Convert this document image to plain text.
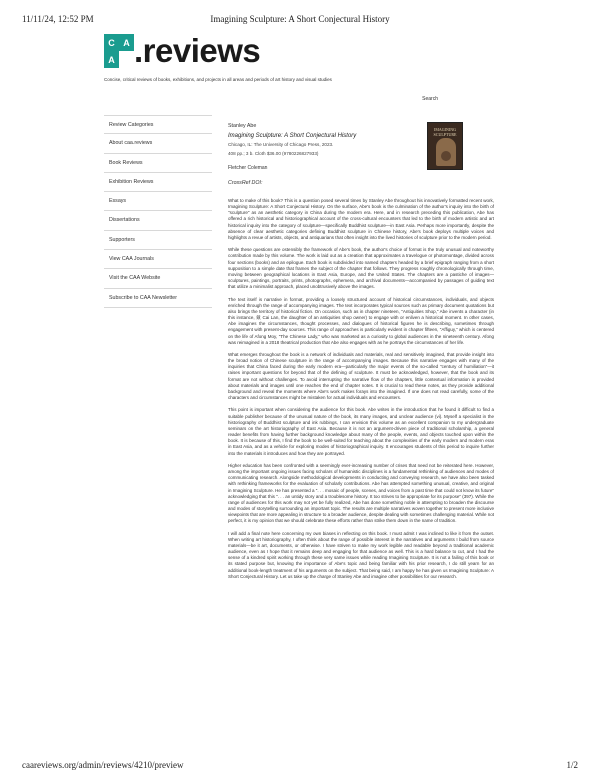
11/11/24, 12:52 PM	Imagining Sculpture: A Short Conjectural History
C A
A .reviews
Concise, critical reviews of books, exhibitions, and projects in all areas and periods of art history and visual studies
Search
Review Categories
About caa.reviews
Book Reviews
Exhibition Reviews
Essays
Dissertations
Supporters
View CAA Journals
Visit the CAA Website
Subscribe to CAA Newsletter
IMAGINING SCULPTURE
Stanley Abe
Imagining Sculpture: A Short Conjectural History
Chicago, IL: The University of Chicago Press, 2023.
408 pp.; 3 b. Cloth $36.00 (9780226827933)
Fletcher Coleman
CrossRef DOI:

What to make of this book? This is a question posed several times by Stanley Abe throughout his innovatively formatted recent work, Imagining Sculpture: A Short Conjectural History. On the surface, Abe's book is the culmination of the author's inquiry into the birth of "sculpture" as an aesthetic category in China during the modern era. Here, and in research preceding this publication, Abe has offered a rich historical and historiographical account of the cross-cultural encounters that led to the birth of modern artistic and art historical inquiry into the category of sculpture—specifically Buddhist sculpture—in East Asia. Perhaps more importantly, despite the absence of clear aesthetic categories defining Buddhist sculpture in Chinese history, Abe's book deploys multiple voices and highlights a revue of artists, objects, and antiquarians that often insight into the lived histories of sculpture prior to the modern period.

While these questions are ostensibly the framework of Abe's book, the author's choice of format is the truly unusual and noteworthy contribution made by this volume. The work is laid out as a creation that approximates a travelogue or photomontage, divided across four sections (books) and an epilogue. Each book is subdivided into named chapters headed by a brief epigraph ranging from a short supposition to a simple date that frames the subject of the chapter that follows. They progress roughly chronologically through time, moving between geographical locations in East Asia, Europe, and the United States. The chapters are a pastiche of images—sculptures, paintings, portraits, prints, photographs, ephemera, and archival documents—accompanied by passages of guiding text that utilize a minimalist approach, placed unobtrusively above the images.

The text itself is narrative in format, providing a loosely structured account of historical circumstances, individuals, and objects enriched through the range of accompanying images. The text incorporates typical sources such as primary document quotations but also brings the territory of historical fiction. On occasion, such as in chapter nineteen, "Antiquities Shop," Abe invents a character (in this instance, 戴 Cai Lan, the daughter of an antiquities shop owner) to engage with or enliven a historical moment. In other cases, Abe imagines the circumstances, thought processes, and dialogues of historical figures he is describing, sometimes through engagement with present-day sources. This range of approaches is particularly evident in chapter fifteen, "Affiguy," which is centered on the life of Afong Moy, "The Chinese Lady," who was marketed as a curiosity to global audiences in the nineteenth century. Afong was reimagined in a 2018 theatrical production that Abe also engages with as he portrays the circumstances of her life.

What emerges throughout the book is a network of individuals and materials, real and sensitively imagined, that provide insight into the broad notion of Chinese sculpture in the range of accompanying images. Because this narrative engages with many of the inquiries that China faced during the early modern era—particularly the major events of the so-called "century of humiliation"—it raises important questions for beyond that of the defining of sculpture. It must be acknowledged, however, that the book and its format are not without challenges. To avoid interrupting the narrative flow of the chapters, little contextual information is provided about materials and images until one reaches the end of chapter notes. It is crucial to read these notes, as they provide additional background and reveal the moments where Abe's work makes forays into the imagined. If one does not read carefully, some of the characters and circumstances might be mistaken for actual individuals and encounters.

This point is important when considering the audience for this book. Abe writes in the introduction that he found it difficult to find a suitable publisher because of the unusual nature of the book, its many images, and unclear audience (vi). Myself a specialist in the historiography of Buddhist sculpture and ink rubbings, I can envision this volume as an excellent companion to my undergraduate seminars on the art historiography of East Asia. Because it is not an argument-driven piece of traditional scholarship, a general reader benefits from having further background knowledge about many of the people, events, and objects touched upon within the book. It is because of this, I find the book to be well-suited for teaching about the complexities of the early modern and modern eras in East Asia, and as a vehicle for exploring modes of historiographical inquiry. It encourages students of this period to inquire further into the materials it introduces and how they are portrayed.

Higher education has been confronted with a seemingly ever-increasing number of crises that need not be reiterated here. However, among the important ongoing issues facing scholars of humanistic disciplines is a fundamental rethinking of audiences and modes of communicating research. Alongside methodological developments in conducting and conveying research, we have also been tasked with rethinking frameworks for the evaluation of scholarly contributions. Abe has attempted something unusual, creative, and original in Imagining Sculpture. He has presented a ". . . mosaic of people, scenes, and voices from a past time that could not know its future" acknowledging that this ". . . an untidy story and a troublesome history. It too strives to be appropriate for its purpose" (397). While the range of audiences for this work may not yet be fully realized, Abe has done something noble in attempting to broaden the discourse and modes of storytelling surrounding an important topic. The results are multiple narratives woven together to present more inclusive viewpoints that are more appealing in structure to a broader audience, despite dealing with sometimes challenging material. While not perfect, it is my opinion that we should celebrate these efforts rather than strike them down in the name of tradition.

I will add a final note here concerning my own biases in reflecting on this book. I must admit I was inclined to like it from the outset. When writing art historiography, I often think about the range of possible interest in the narratives and arguments I build from source materials—be it art, documents, or otherwise. I have striven to make my work legible and readable beyond a traditional academic audience, even as I hope that it remains deep and engaging for that audience as well. This is a hard balance to cut, and I had the sense of a kindred spirit working through these very same issues while reading Imagining Sculpture. It is not a failing of this book or its stated purpose but, knowing the importance of Abe's topic and being familiar with his prior research, I do still yearn for an additional book-length treatment of his arguments on the subject. That being said, I am happy he has given us Imagining Sculpture: A Short Conjectural History. Let us take up the charge of Stanley Abe and imagine other possibilities for our research.

caareviews.org/admin/reviews/4210/preview	1/2
